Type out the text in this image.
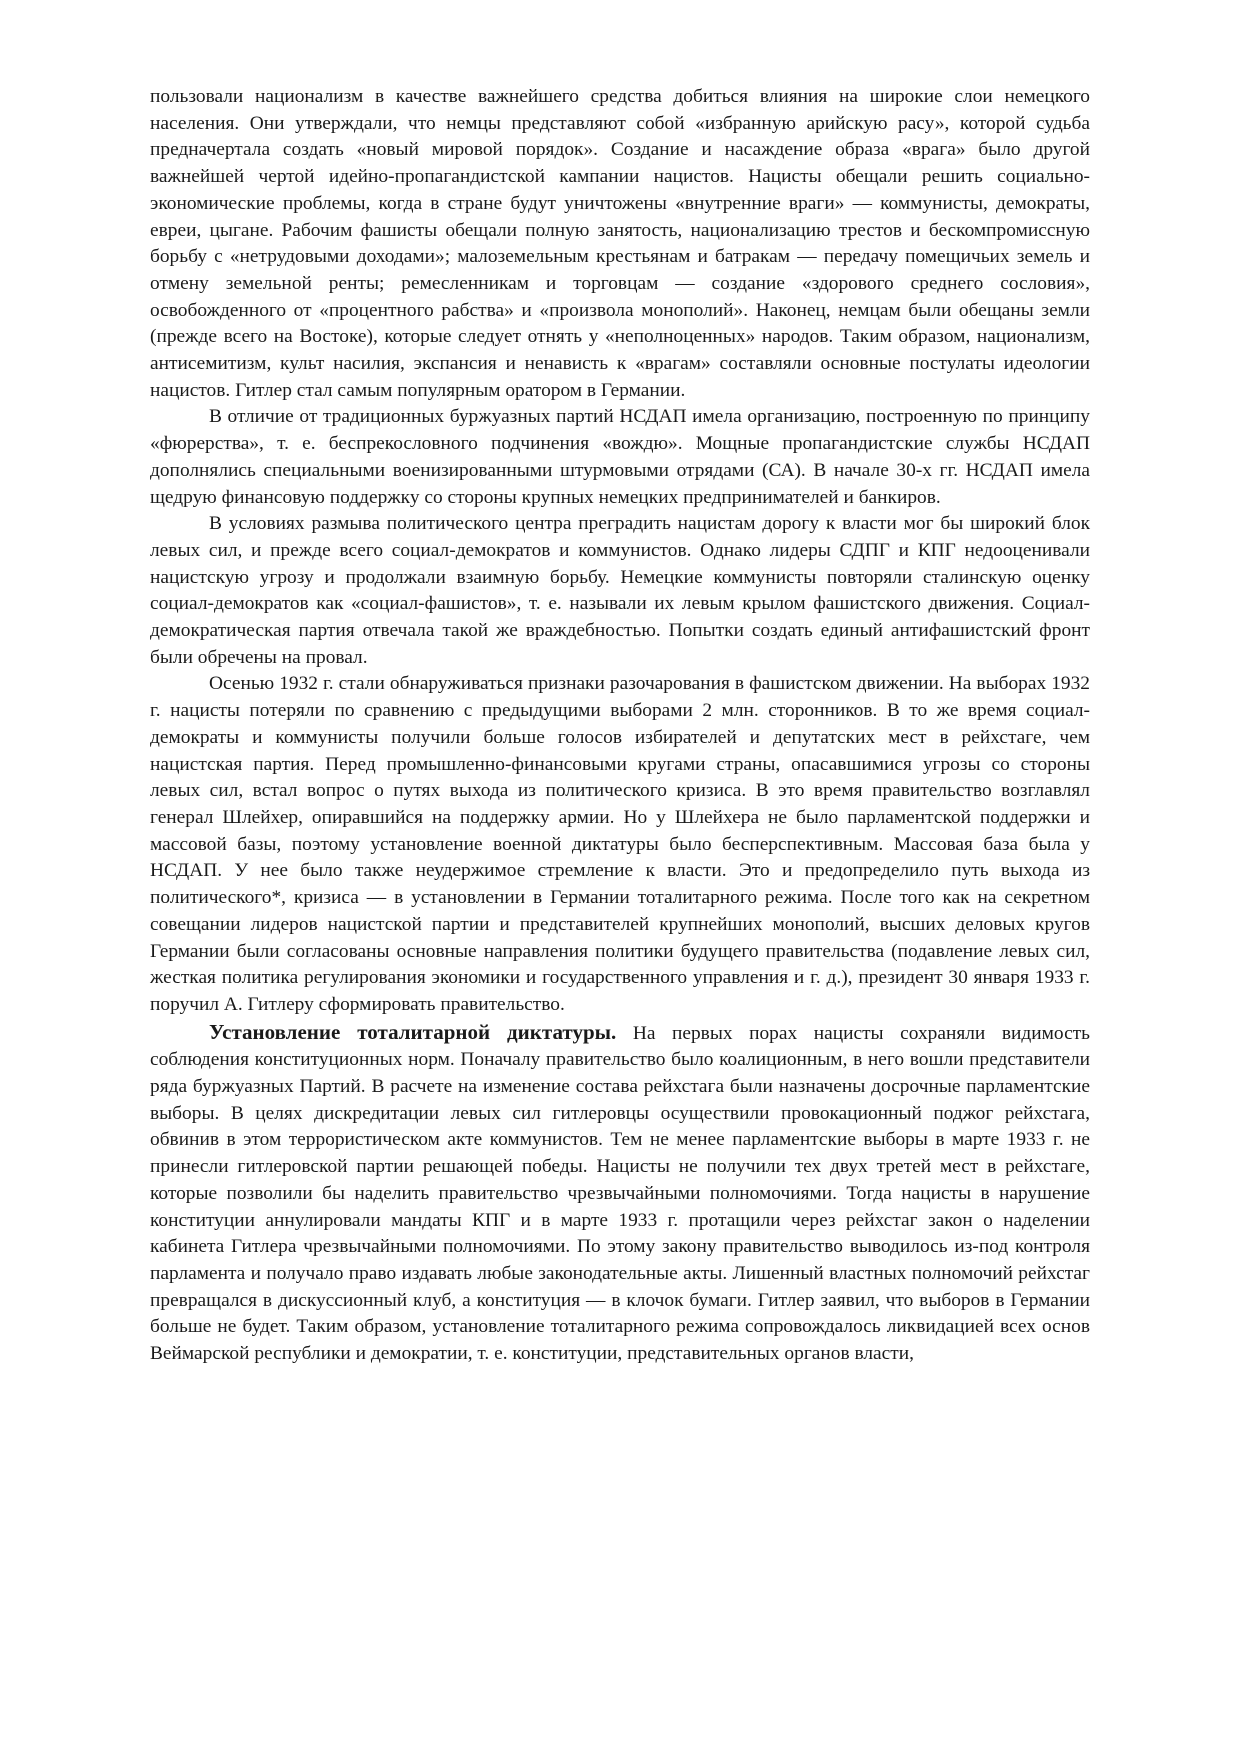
пользовали национализм в качестве важнейшего средства добиться влияния на широкие слои немецкого населения. Они утверждали, что немцы представляют собой «избранную арийскую расу», которой судьба предначертала создать «новый мировой порядок». Создание и насаждение образа «врага» было другой важнейшей чертой идейно-пропагандистской кампании нацистов. Нацисты обещали решить социально-экономические проблемы, когда в стране будут уничтожены «внутренние враги» — коммунисты, демократы, евреи, цыгане. Рабочим фашисты обещали полную занятость, национализацию трестов и бескомпромиссную борьбу с «нетрудовыми доходами»; малоземельным крестьянам и батракам — передачу помещичьих земель и отмену земельной ренты; ремесленникам и торговцам — создание «здорового среднего сословия», освобожденного от «процентного рабства» и «произвола монополий». Наконец, немцам были обещаны земли (прежде всего на Востоке), которые следует отнять у «неполноценных» народов. Таким образом, национализм, антисемитизм, культ насилия, экспансия и ненависть к «врагам» составляли основные постулаты идеологии нацистов. Гитлер стал самым популярным оратором в Германии.

В отличие от традиционных буржуазных партий НСДАП имела организацию, построенную по принципу «фюрерства», т. е. беспрекословного подчинения «вождю». Мощные пропагандистские службы НСДАП дополнялись специальными военизированными штурмовыми отрядами (СА). В начале 30-х гг. НСДАП имела щедрую финансовую поддержку со стороны крупных немецких предпринимателей и банкиров.

В условиях размыва политического центра преградить нацистам дорогу к власти мог бы широкий блок левых сил, и прежде всего социал-демократов и коммунистов. Однако лидеры СДПГ и КПГ недооценивали нацистскую угрозу и продолжали взаимную борьбу. Немецкие коммунисты повторяли сталинскую оценку социал-демократов как «социал-фашистов», т. е. называли их левым крылом фашистского движения. Социал-демократическая партия отвечала такой же враждебностью. Попытки создать единый антифашистский фронт были обречены на провал.

Осенью 1932 г. стали обнаруживаться признаки разочарования в фашистском движении. На выборах 1932 г. нацисты потеряли по сравнению с предыдущими выборами 2 млн. сторонников. В то же время социал-демократы и коммунисты получили больше голосов избирателей и депутатских мест в рейхстаге, чем нацистская партия. Перед промышленно-финансовыми кругами страны, опасавшимися угрозы со стороны левых сил, встал вопрос о путях выхода из политического кризиса. В это время правительство возглавлял генерал Шлейхер, опиравшийся на поддержку армии. Но у Шлейхера не было парламентской поддержки и массовой базы, поэтому установление военной диктатуры было бесперспективным. Массовая база была у НСДАП. У нее было также неудержимое стремление к власти. Это и предопределило путь выхода из политического*, кризиса — в установлении в Германии тоталитарного режима. После того как на секретном совещании лидеров нацистской партии и представителей крупнейших монополий, высших деловых кругов Германии были согласованы основные направления политики будущего правительства (подавление левых сил, жесткая политика регулирования экономики и государственного управления и г. д.), президент 30 января 1933 г. поручил А. Гитлеру сформировать правительство.

Установление тоталитарной диктатуры. На первых порах нацисты сохраняли видимость соблюдения конституционных норм. Поначалу правительство было коалиционным, в него вошли представители ряда буржуазных Партий. В расчете на изменение состава рейхстага были назначены досрочные парламентские выборы. В целях дискредитации левых сил гитлеровцы осуществили провокационный поджог рейхстага, обвинив в этом террористическом акте коммунистов. Тем не менее парламентские выборы в марте 1933 г. не принесли гитлеровской партии решающей победы. Нацисты не получили тех двух третей мест в рейхстаге, которые позволили бы наделить правительство чрезвычайными полномочиями. Тогда нацисты в нарушение конституции аннулировали мандаты КПГ и в марте 1933 г. протащили через рейхстаг закон о наделении кабинета Гитлера чрезвычайными полномочиями. По этому закону правительство выводилось из-под контроля парламента и получало право издавать любые законодательные акты. Лишенный властных полномочий рейхстаг превращался в дискуссионный клуб, а конституция — в клочок бумаги. Гитлер заявил, что выборов в Германии больше не будет. Таким образом, установление тоталитарного режима сопровождалось ликвидацией всех основ Веймарской республики и демократии, т. е. конституции, представительных органов власти,
